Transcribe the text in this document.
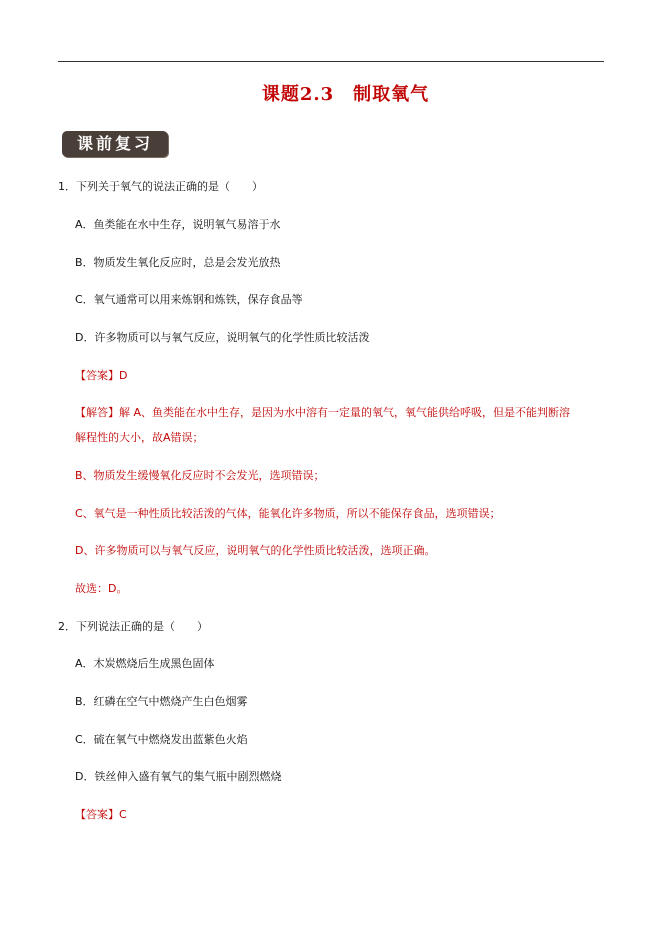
课题2.3　制取氧气
课前复习
1．下列关于氧气的说法正确的是（　　）
A．鱼类能在水中生存，说明氧气易溶于水
B．物质发生氧化反应时，总是会发光放热
C．氧气通常可以用来炼钢和炼铁，保存食品等
D．许多物质可以与氧气反应，说明氧气的化学性质比较活泼
【答案】D
【解答】解 A、鱼类能在水中生存，是因为水中溶有一定量的氧气，氧气能供给呼吸，但是不能判断溶
解程性的大小，故A错误；
B、物质发生缓慢氧化反应时不会发光，选项错误；
C、氧气是一种性质比较活泼的气体，能氧化许多物质，所以不能保存食品，选项错误；
D、许多物质可以与氧气反应，说明氧气的化学性质比较活泼，选项正确。
故选：D。
2．下列说法正确的是（　　）
A．木炭燃烧后生成黑色固体
B．红磷在空气中燃烧产生白色烟雾
C．硫在氧气中燃烧发出蓝紫色火焰
D．铁丝伸入盛有氧气的集气瓶中剧烈燃烧
【答案】C
